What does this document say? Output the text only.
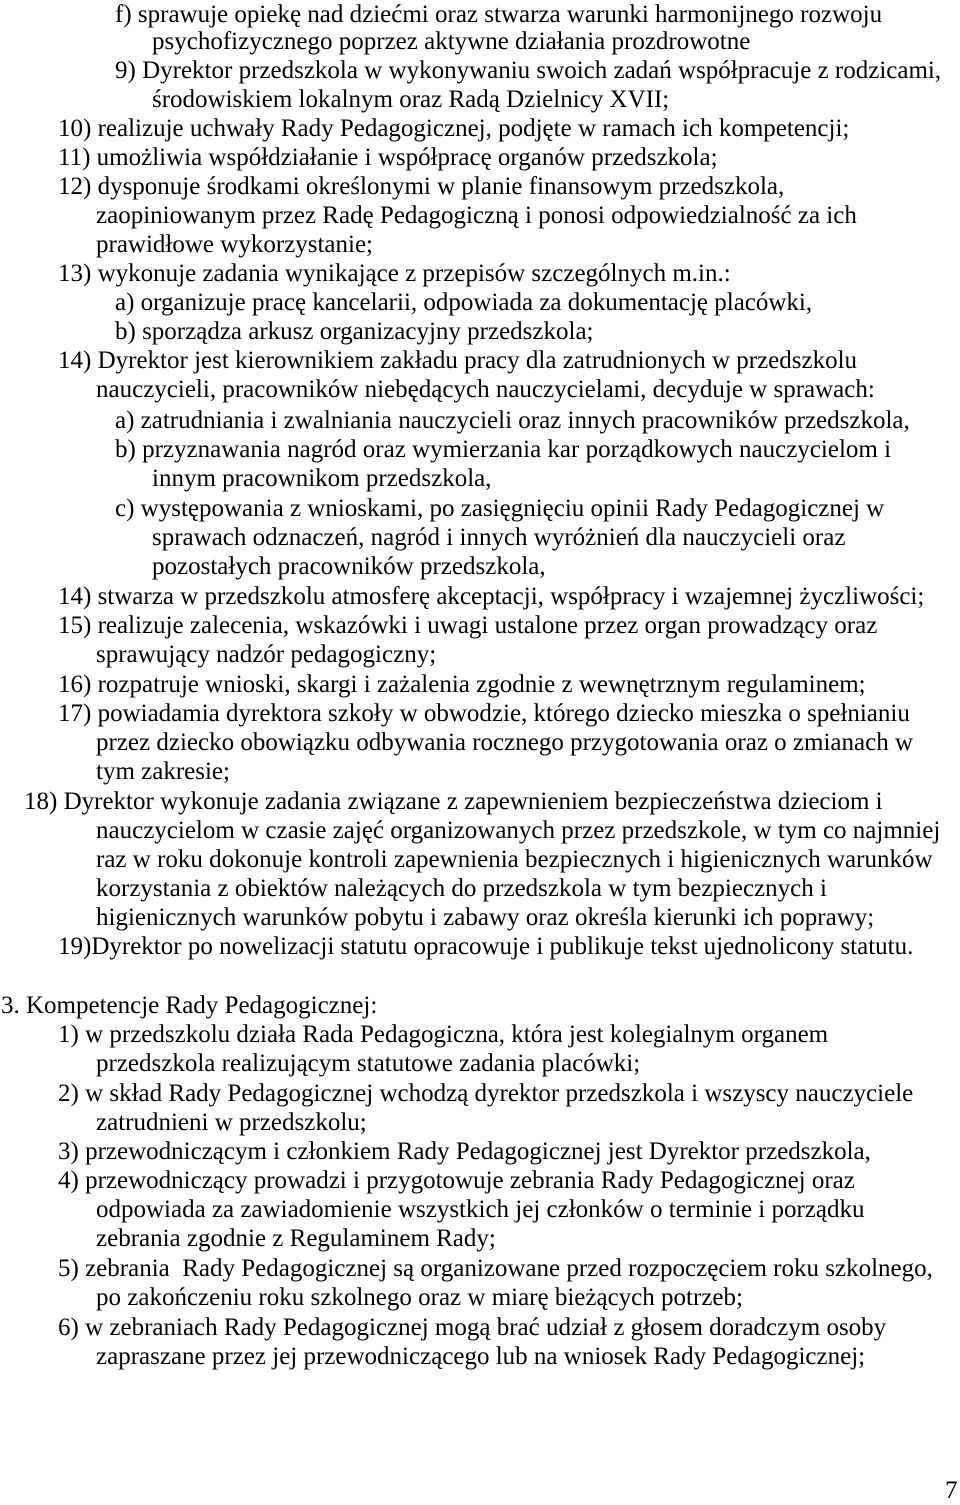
f) sprawuje opiekę nad dziećmi oraz stwarza warunki harmonijnego rozwoju
psychofizycznego poprzez aktywne działania prozdrowotne
9) Dyrektor przedszkola w wykonywaniu swoich zadań współpracuje z rodzicami,
środowiskiem lokalnym oraz Radą Dzielnicy XVII;
10) realizuje uchwały Rady Pedagogicznej, podjęte w ramach ich kompetencji;
11) umożliwia współdziałanie i współpracę organów przedszkola;
12) dysponuje środkami określonymi w planie finansowym przedszkola,
zaopiniowanym przez Radę Pedagogiczną i ponosi odpowiedzialność za ich
prawidłowe wykorzystanie;
13) wykonuje zadania wynikające z przepisów szczególnych m.in.:
a) organizuje pracę kancelarii, odpowiada za dokumentację placówki,
b) sporządza arkusz organizacyjny przedszkola;
14) Dyrektor jest kierownikiem zakładu pracy dla zatrudnionych w przedszkolu
nauczycieli, pracowników niebędących nauczycielami, decyduje w sprawach:
a) zatrudniania i zwalniania nauczycieli oraz innych pracowników przedszkola,
b) przyznawania nagród oraz wymierzania kar porządkowych nauczycielom i
innym pracownikom przedszkola,
c) występowania z wnioskami, po zasięgnięciu opinii Rady Pedagogicznej w
sprawach odznaczeń, nagród i innych wyróżnień dla nauczycieli oraz
pozostałych pracowników przedszkola,
14) stwarza w przedszkolu atmosferę akceptacji, współpracy i wzajemnej życzliwości;
15) realizuje zalecenia, wskazówki i uwagi ustalone przez organ prowadzący oraz
sprawujący nadzór pedagogiczny;
16) rozpatruje wnioski, skargi i zażalenia zgodnie z wewnętrznym regulaminem;
17) powiadamia dyrektora szkoły w obwodzie, którego dziecko mieszka o spełnianiu
przez dziecko obowiązku odbywania rocznego przygotowania oraz o zmianach w
tym zakresie;
18) Dyrektor wykonuje zadania związane z zapewnieniem bezpieczeństwa dzieciom i
nauczycielom w czasie zajęć organizowanych przez przedszkole, w tym co najmniej
raz w roku dokonuje kontroli zapewnienia bezpiecznych i higienicznych warunków
korzystania z obiektów należących do przedszkola w tym bezpiecznych i
higienicznych warunków pobytu i zabawy oraz określa kierunki ich poprawy;
19)Dyrektor po nowelizacji statutu opracowuje i publikuje tekst ujednolicony statutu.
3. Kompetencje Rady Pedagogicznej:
1) w przedszkolu działa Rada Pedagogiczna, która jest kolegialnym organem
przedszkola realizującym statutowe zadania placówki;
2) w skład Rady Pedagogicznej wchodzą dyrektor przedszkola i wszyscy nauczyciele
zatrudnieni w przedszkolu;
3) przewodniczącym i członkiem Rady Pedagogicznej jest Dyrektor przedszkola,
4) przewodniczący prowadzi i przygotowuje zebrania Rady Pedagogicznej oraz
odpowiada za zawiadomienie wszystkich jej członków o terminie i porządku
zebrania zgodnie z Regulaminem Rady;
5) zebrania  Rady Pedagogicznej są organizowane przed rozpoczęciem roku szkolnego,
po zakończeniu roku szkolnego oraz w miarę bieżących potrzeb;
6) w zebraniach Rady Pedagogicznej mogą brać udział z głosem doradczym osoby
zapraszane przez jej przewodniczącego lub na wniosek Rady Pedagogicznej;
7
